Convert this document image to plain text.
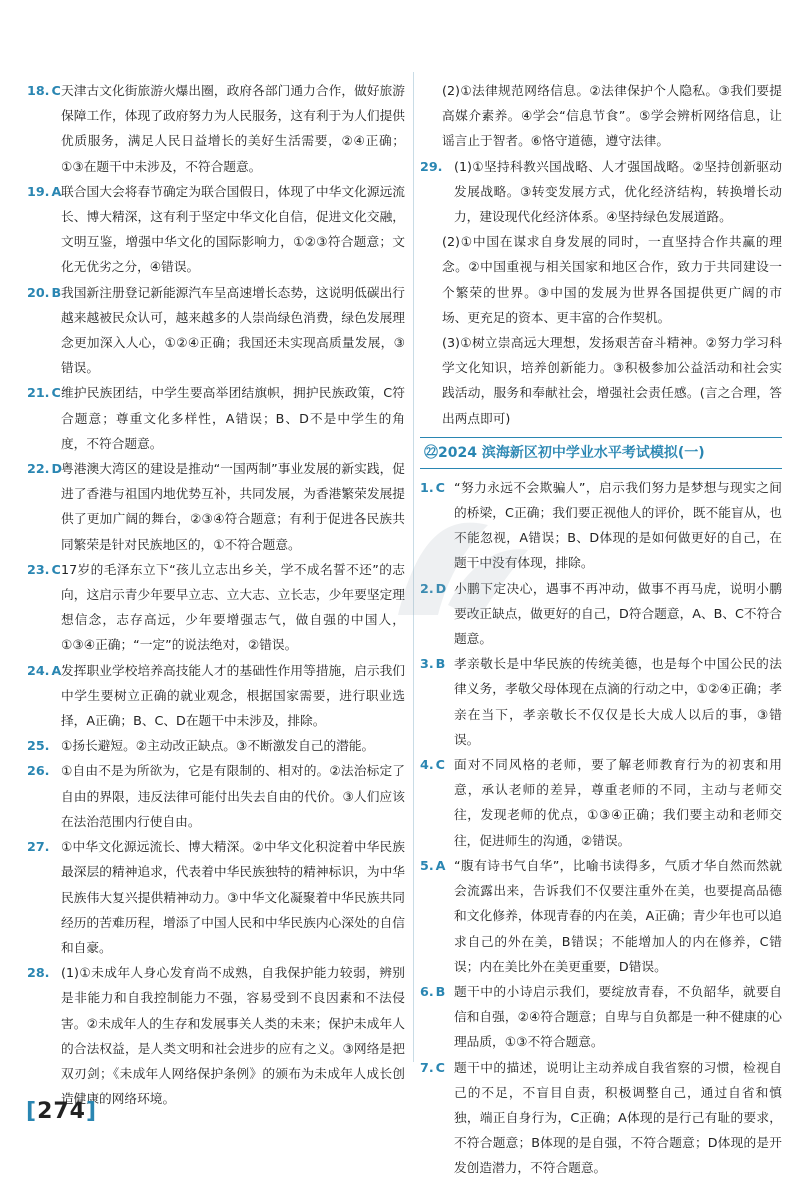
18. C 天津古文化街旅游火爆出圈，政府各部门通力合作，做好旅游保障工作，体现了政府努力为人民服务，这有利于为人们提供优质服务，满足人民日益增长的美好生活需要，②④正确；①③在题干中未涉及，不符合题意。
19. A 联合国大会将春节确定为联合国假日，体现了中华文化源远流长、博大精深，这有利于坚定中华文化自信，促进文化交融，文明互鉴，增强中华文化的国际影响力，①②③符合题意；文化无优劣之分，④错误。
20. B 我国新注册登记新能源汽车呈高速增长态势，这说明低碳出行越来越被民众认可，越来越多的人崇尚绿色消费，绿色发展理念更加深入人心，①②④正确；我国还未实现高质量发展，③错误。
21. C 维护民族团结，中学生要高举团结旗帜，拥护民族政策，C符合题意；尊重文化多样性，A错误；B、D不是中学生的角度，不符合题意。
22. D
粤港澳大湾区的建设是推动“一国两制”事业发展的新实践，促进了香港与祖国内地优势互补，共同发展，为香港繁荣发展提供了更加广阔的舞台，②③④符合题意；有利于促进各民族共同繁荣是针对民族地区的，①不符合题意。
23. C 17岁的毛泽东立下“孩儿立志出乡关，学不成名誓不还”的志向，这启示青少年要早立志、立大志、立长志，少年要坚定理想信念，志存高远，少年要增强志气，做自强的中国人，①③④正确；“一定”的说法绝对，②错误。
24. A 发挥职业学校培养高技能人才的基础性作用等措施，启示我们中学生要树立正确的就业观念，根据国家需要，进行职业选择，A正确；B、C、D在题干中未涉及，排除。
25. ①扬长避短。②主动改正缺点。③不断激发自己的潜能。
26. ①自由不是为所欲为，它是有限制的、相对的。②法治标定了自由的界限，违反法律可能付出失去自由的代价。③人们应该在法治范围内行使自由。
27. ①中华文化源远流长、博大精深。②中华文化积淀着中华民族最深层的精神追求，代表着中华民族独特的精神标识，为中华民族伟大复兴提供精神动力。③中华文化凝聚着中华民族共同经历的苦难历程，增添了中国人民和中华民族内心深处的自信和自豪。
28. (1)①未成年人身心发育尚不成熟，自我保护能力较弱，辨别是非能力和自我控制能力不强，容易受到不良因素和不法侵害。②未成年人的生存和发展事关人类的未来；保护未成年人的合法权益，是人类文明和社会进步的应有之义。③网络是把双刃剑；《未成年人网络保护条例》的颁布为未成年人成长创造健康的网络环境。
(2)①法律规范网络信息。②法律保护个人隐私。③我们要提高媒介素养。④学会“信息节食”。⑤学会辨析网络信息，让谣言止于智者。⑥恪守道德，遵守法律。
29. (1)①坚持科教兴国战略、人才强国战略。②坚持创新驱动发展战略。③转变发展方式，优化经济结构，转换增长动力，建设现代化经济体系。④坚持绿色发展道路。
(2)①中国在谋求自身发展的同时，一直坚持合作共赢的理念。②中国重视与相关国家和地区合作，致力于共同建设一个繁荣的世界。③中国的发展为世界各国提供更广阔的市场、更充足的资本、更丰富的合作契机。
(3)①树立崇高远大理想，发扬艰苦奋斗精神。②努力学习科学文化知识，培养创新能力。③积极参加公益活动和社会实践活动，服务和奉献社会，增强社会责任感。(言之合理，答出两点即可)
㉒2024 滨海新区初中学业水平考试模拟(一)
1. C “努力永远不会欺骗人”，启示我们努力是梦想与现实之间的桥梁，C正确；我们要正视他人的评价，既不能盲从，也不能忽视，A错误；B、D体现的是如何做更好的自己，在题干中没有体现，排除。
2. D 小鹏下定决心，遇事不再冲动，做事不再马虎，说明小鹏要改正缺点，做更好的自己，D符合题意，A、B、C不符合题意。
3. B 孝亲敬长是中华民族的传统美德，也是每个中国公民的法律义务，孝敬父母体现在点滴的行动之中，①②④正确；孝亲在当下，孝亲敬长不仅仅是长大成人以后的事，③错误。
4. C 面对不同风格的老师，要了解老师教育行为的初衷和用意，承认老师的差异，尊重老师的不同，主动与老师交往，发现老师的优点，①③④正确；我们要主动和老师交往，促进师生的沟通，②错误。
5. A “腹有诗书气自华”，比喻书读得多，气质才华自然而然就会流露出来，告诉我们不仅要注重外在美，也要提高品德和文化修养，体现青春的内在美，A正确；青少年也可以追求自己的外在美，B错误；不能增加人的内在修养，C错误；内在美比外在美更重要，D错误。
6. B 题干中的小诗启示我们，要绽放青春，不负韶华，就要自信和自强，②④符合题意；自卑与自负都是一种不健康的心理品质，①③不符合题意。
7. C 题干中的描述，说明让主动养成自我省察的习惯，检视自己的不足，不盲目自责，积极调整自己，通过自省和慎独，端正自身行为，C正确；A体现的是行己有耻的要求，不符合题意；B体现的是自强，不符合题意；D体现的是开发创造潜力，不符合题意。
[274]
